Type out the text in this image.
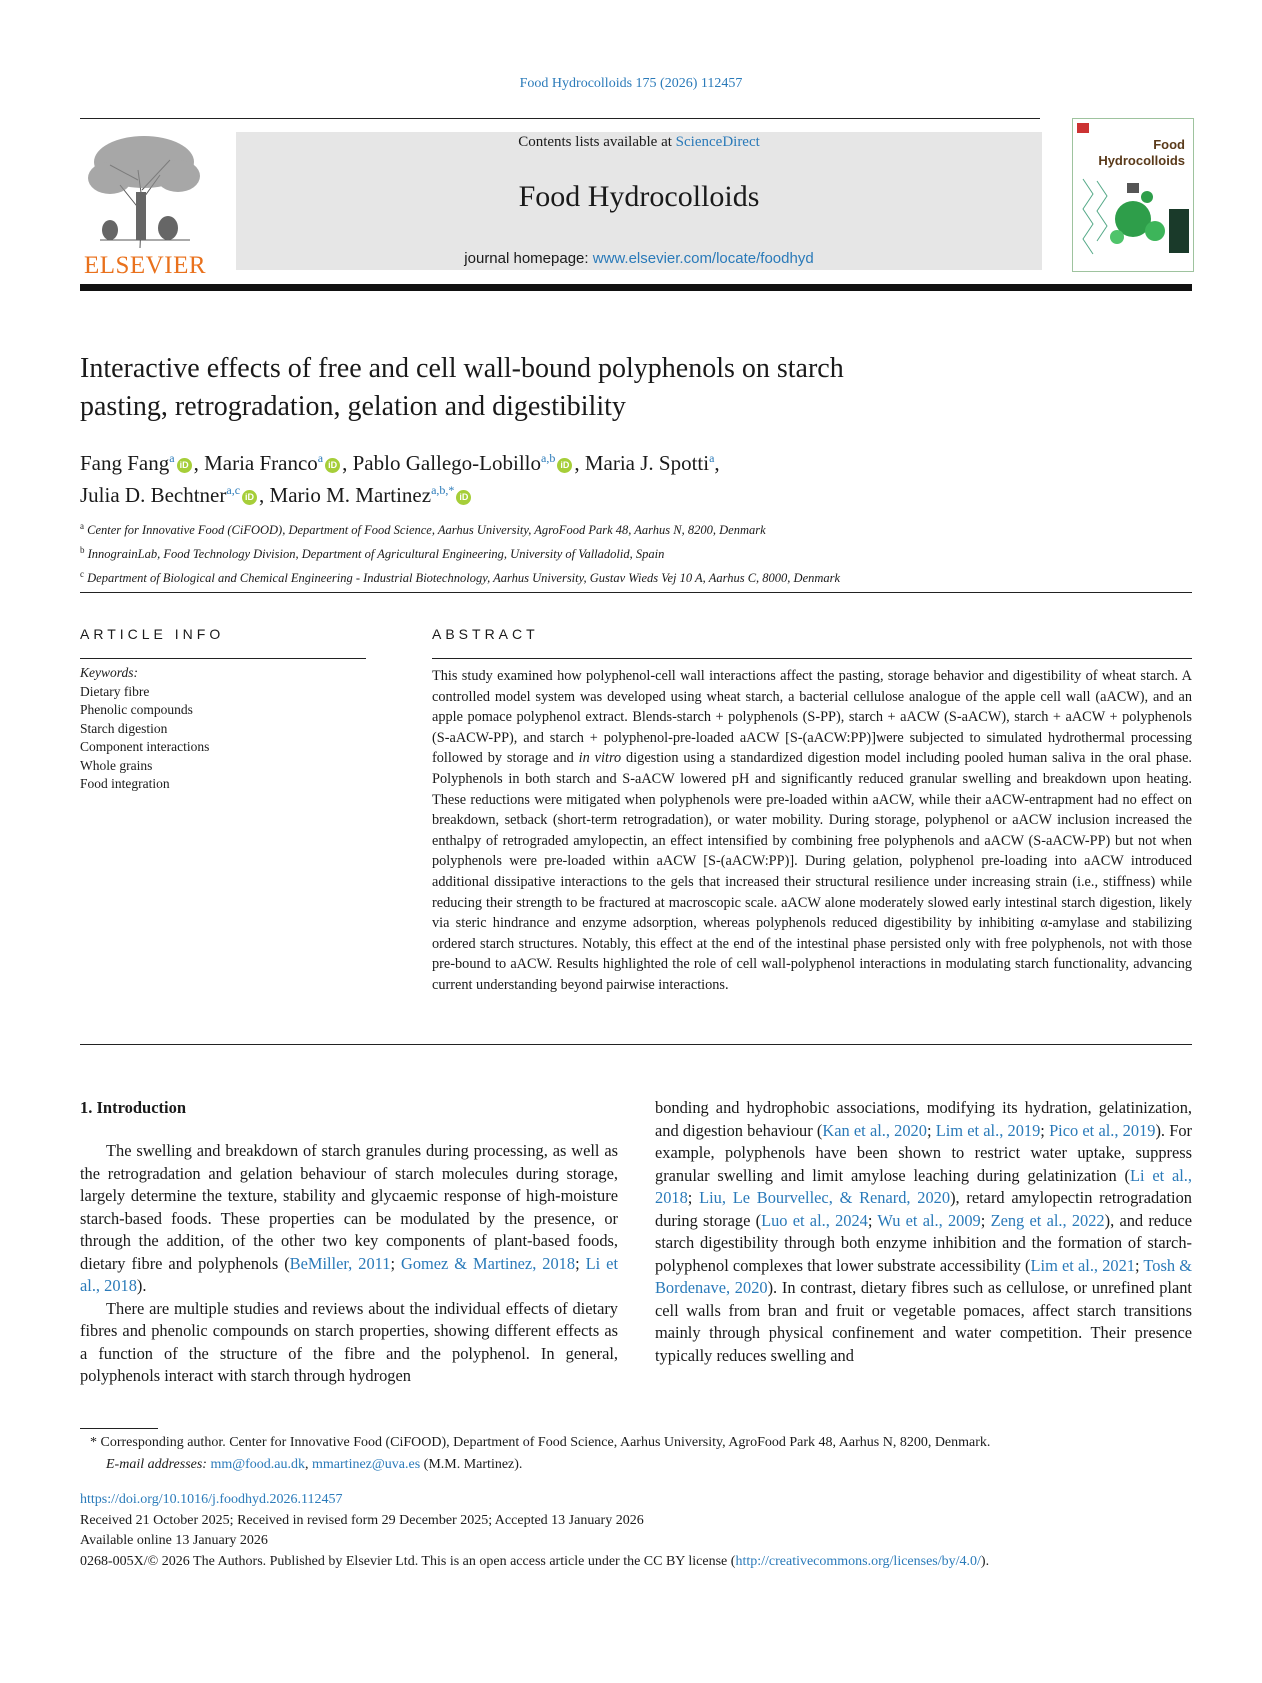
Food Hydrocolloids 175 (2026) 112457
ELSEVIER
Contents lists available at ScienceDirect
Food Hydrocolloids
journal homepage: www.elsevier.com/locate/foodhyd
Food
Hydrocolloids
Interactive effects of free and cell wall-bound polyphenols on starch
pasting, retrogradation, gelation and digestibility
Fang Fang$^a$ iD , Maria Franco$^a$ iD , Pablo Gallego-Lobillo$^{a,b}$ iD , Maria J. Spotti$^a$,
Julia D. Bechtner$^{a,c}$ iD , Mario M. Martinez$^{a,b,*}$ iD
$^a$ Center for Innovative Food (CiFOOD), Department of Food Science, Aarhus University, AgroFood Park 48, Aarhus N, 8200, Denmark
$^b$ InnograinLab, Food Technology Division, Department of Agricultural Engineering, University of Valladolid, Spain
$^c$ Department of Biological and Chemical Engineering - Industrial Biotechnology, Aarhus University, Gustav Wieds Vej 10 A, Aarhus C, 8000, Denmark
ARTICLE INFO
Keywords:
Dietary fibre
Phenolic compounds
Starch digestion
Component interactions
Whole grains
Food integration
ABSTRACT
This study examined how polyphenol-cell wall interactions affect the pasting, storage behavior and digestibility of wheat starch. A controlled model system was developed using wheat starch, a bacterial cellulose analogue of the apple cell wall (aACW), and an apple pomace polyphenol extract. Blends-starch + polyphenols (S-PP), starch + aACW (S-aACW), starch + aACW + polyphenols (S-aACW-PP), and starch + polyphenol-pre-loaded aACW [S-(aACW:PP)]were subjected to simulated hydrothermal processing followed by storage and in vitro digestion using a standardized digestion model including pooled human saliva in the oral phase. Polyphenols in both starch and S-aACW lowered pH and significantly reduced granular swelling and breakdown upon heating. These reductions were mitigated when polyphenols were pre-loaded within aACW, while their aACW-entrapment had no effect on breakdown, setback (short-term retrogradation), or water mobility. During storage, polyphenol or aACW inclusion increased the enthalpy of retrograded amylopectin, an effect intensified by combining free polyphenols and aACW (S-aACW-PP) but not when polyphenols were pre-loaded within aACW [S-(aACW:PP)]. During gelation, polyphenol pre-loading into aACW introduced additional dissipative interactions to the gels that increased their structural resilience under increasing strain (i.e., stiffness) while reducing their strength to be fractured at macroscopic scale. aACW alone moderately slowed early intestinal starch digestion, likely via steric hindrance and enzyme adsorption, whereas polyphenols reduced digestibility by inhibiting α-amylase and stabilizing ordered starch structures. Notably, this effect at the end of the intestinal phase persisted only with free polyphenols, not with those pre-bound to aACW. Results highlighted the role of cell wall-polyphenol interactions in modulating starch functionality, advancing current understanding beyond pairwise interactions.
1. Introduction

The swelling and breakdown of starch granules during processing, as well as the retrogradation and gelation behaviour of starch molecules during storage, largely determine the texture, stability and glycaemic response of high-moisture starch-based foods. These properties can be modulated by the presence, or through the addition, of the other two key components of plant-based foods, dietary fibre and polyphenols (BeMiller, 2011; Gomez & Martinez, 2018; Li et al., 2018).

There are multiple studies and reviews about the individual effects of dietary fibres and phenolic compounds on starch properties, showing different effects as a function of the structure of the fibre and the polyphenol. In general, polyphenols interact with starch through hydrogen

bonding and hydrophobic associations, modifying its hydration, gelatinization, and digestion behaviour (Kan et al., 2020; Lim et al., 2019; Pico et al., 2019). For example, polyphenols have been shown to restrict water uptake, suppress granular swelling and limit amylose leaching during gelatinization (Li et al., 2018; Liu, Le Bourvellec, & Renard, 2020), retard amylopectin retrogradation during storage (Luo et al., 2024; Wu et al., 2009; Zeng et al., 2022), and reduce starch digestibility through both enzyme inhibition and the formation of starch-polyphenol complexes that lower substrate accessibility (Lim et al., 2021; Tosh & Bordenave, 2020). In contrast, dietary fibres such as cellulose, or unrefined plant cell walls from bran and fruit or vegetable pomaces, affect starch transitions mainly through physical confinement and water competition. Their presence typically reduces swelling and

* Corresponding author. Center for Innovative Food (CiFOOD), Department of Food Science, Aarhus University, AgroFood Park 48, Aarhus N, 8200, Denmark.
E-mail addresses: mm@food.au.dk, mmartinez@uva.es (M.M. Martinez).
https://doi.org/10.1016/j.foodhyd.2026.112457
Received 21 October 2025; Received in revised form 29 December 2025; Accepted 13 January 2026
Available online 13 January 2026
0268-005X/© 2026 The Authors. Published by Elsevier Ltd. This is an open access article under the CC BY license (http://creativecommons.org/licenses/by/4.0/).
